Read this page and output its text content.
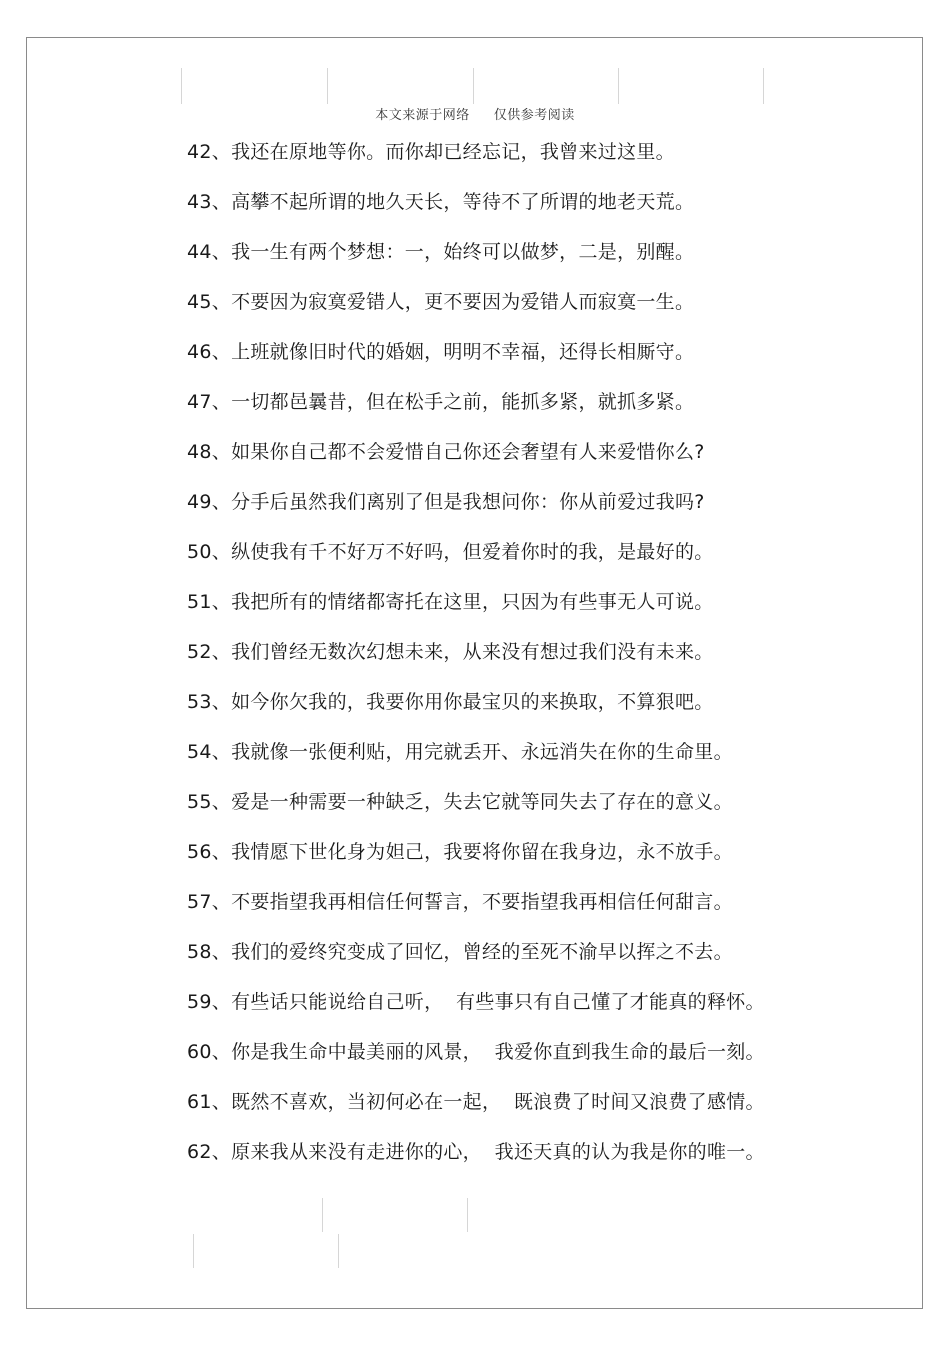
本文来源于网络 仅供参考阅读
42、我还在原地等你。而你却已经忘记，我曾来过这里。
43、高攀不起所谓的地久天长，等待不了所谓的地老天荒。
44、我一生有两个梦想：一，始终可以做梦，二是，别醒。
45、不要因为寂寞爱错人，更不要因为爱错人而寂寞一生。
46、上班就像旧时代的婚姻，明明不幸福，还得长相厮守。
47、一切都邑曩昔，但在松手之前，能抓多紧，就抓多紧。
48、如果你自己都不会爱惜自己你还会奢望有人来爱惜你么?
49、分手后虽然我们离别了但是我想问你：你从前爱过我吗?
50、纵使我有千不好万不好吗，但爱着你时的我，是最好的。
51、我把所有的情绪都寄托在这里，只因为有些事无人可说。
52、我们曾经无数次幻想未来，从来没有想过我们没有未来。
53、如今你欠我的，我要你用你最宝贝的来换取，不算狠吧。
54、我就像一张便利贴，用完就丢开、永远消失在你的生命里。
55、爱是一种需要一种缺乏，失去它就等同失去了存在的意义。
56、我情愿下世化身为妲己，我要将你留在我身边，永不放手。
57、不要指望我再相信任何誓言，不要指望我再相信任何甜言。
58、我们的爱终究变成了回忆，曾经的至死不渝早以挥之不去。
59、有些话只能说给自己听，  有些事只有自己懂了才能真的释怀。
60、你是我生命中最美丽的风景，  我爱你直到我生命的最后一刻。
61、既然不喜欢，当初何必在一起，  既浪费了时间又浪费了感情。
62、原来我从来没有走进你的心，  我还天真的认为我是你的唯一。
